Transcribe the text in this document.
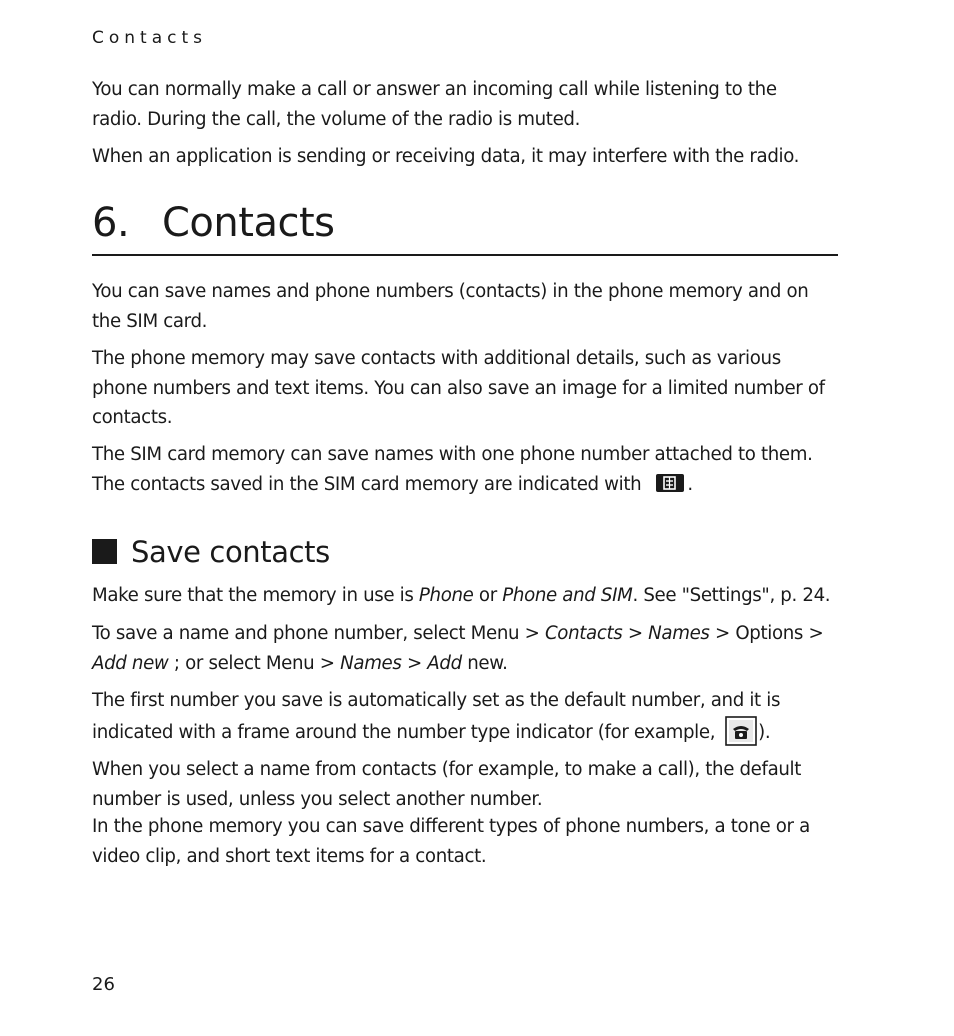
Contacts
You can normally make a call or answer an incoming call while listening to the
radio. During the call, the volume of the radio is muted.
When an application is sending or receiving data, it may interfere with the radio.
6. Contacts
You can save names and phone numbers (contacts) in the phone memory and on
the SIM card.
The phone memory may save contacts with additional details, such as various
phone numbers and text items. You can also save an image for a limited number of
contacts.
The SIM card memory can save names with one phone number attached to them.
The contacts saved in the SIM card memory are indicated with	.
Save contacts
Make sure that the memory in use is Phone or Phone and SIM. See "Settings", p. 24.
To save a name and phone number, select Menu > Contacts > Names > Options >
Add new ; or select Menu > Names > Add new.
The first number you save is automatically set as the default number, and it is
indicated with a frame around the number type indicator (for example, ).
When you select a name from contacts (for example, to make a call), the default
number is used, unless you select another number.
In the phone memory you can save different types of phone numbers, a tone or a
video clip, and short text items for a contact.
26
